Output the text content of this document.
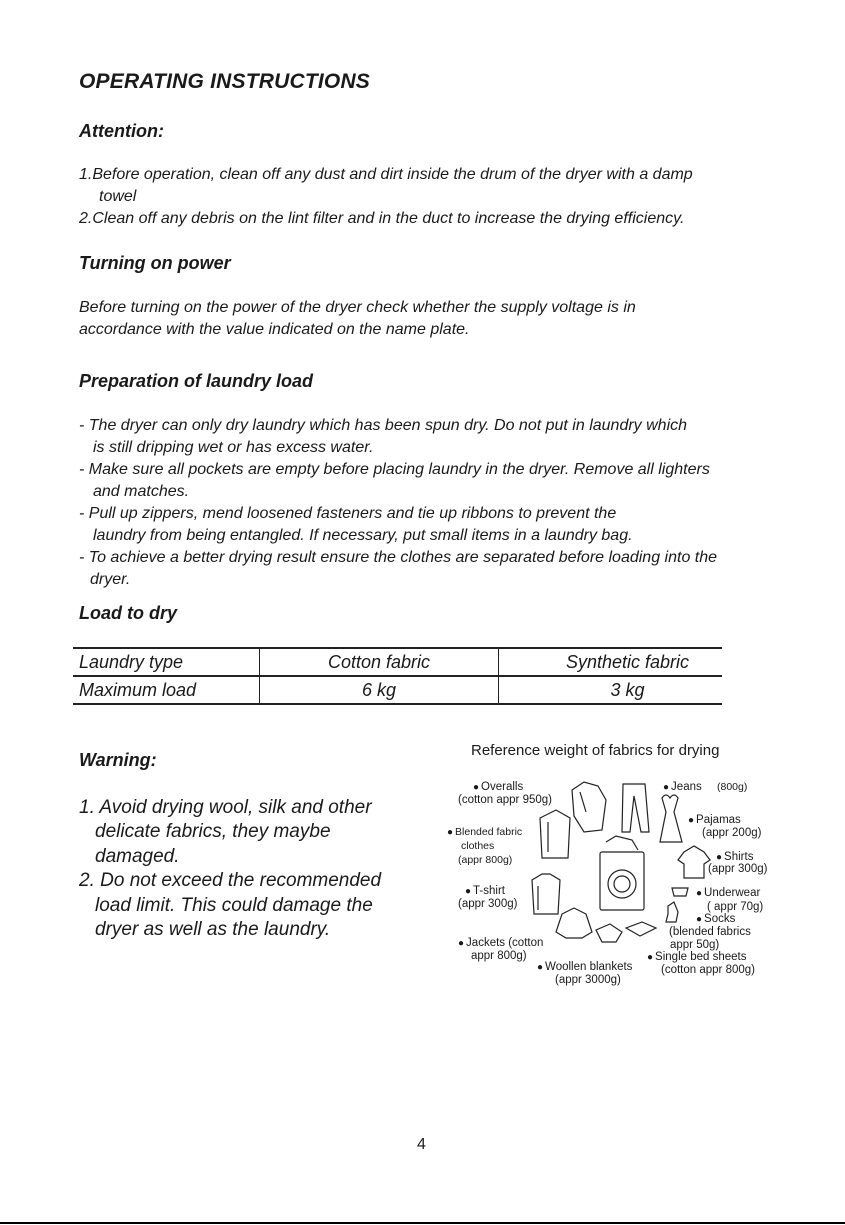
OPERATING INSTRUCTIONS
Attention:
1.Before operation, clean off any dust and dirt inside the drum of the dryer with a damp
towel
2.Clean off any debris on the lint filter and in the duct to increase the drying efficiency.
Turning on power
Before turning on the power of the dryer check whether the supply voltage is in
accordance with the value indicated on the name plate.
Preparation of laundry load
- The dryer can only dry laundry which has been spun dry. Do not put in laundry which
is still dripping wet or has excess water.
- Make sure all pockets are empty before placing laundry in the dryer. Remove all lighters
and matches.
- Pull up zippers, mend loosened fasteners and tie up ribbons to prevent the
laundry from being entangled. If necessary, put small items in a laundry bag.
- To achieve a better drying result ensure the clothes are separated before loading into the
dryer.
Load to dry
Laundry type	Cotton fabric	Synthetic fabric
Maximum load	6 kg	3 kg
Warning:
1. Avoid drying wool, silk and other
delicate fabrics, they maybe
damaged.
2. Do not exceed the recommended
load limit. This could damage the
dryer as well as the laundry.
Reference weight of fabrics for drying
● Overalls
(cotton appr 950g)
● Jeans (800g)
● Pajamas
(appr 200g)
● Blended fabric
clothes
(appr 800g)	● Shirts
(appr 300g)
● T-shirt
(appr 300g)
● Underwear
( appr 70g)
● Socks
(blended fabrics
appr 50g)
● Jackets (cotton
appr 800g)	● Single bed sheets
(cotton appr 800g)
● Woollen blankets
(appr 3000g)
4
